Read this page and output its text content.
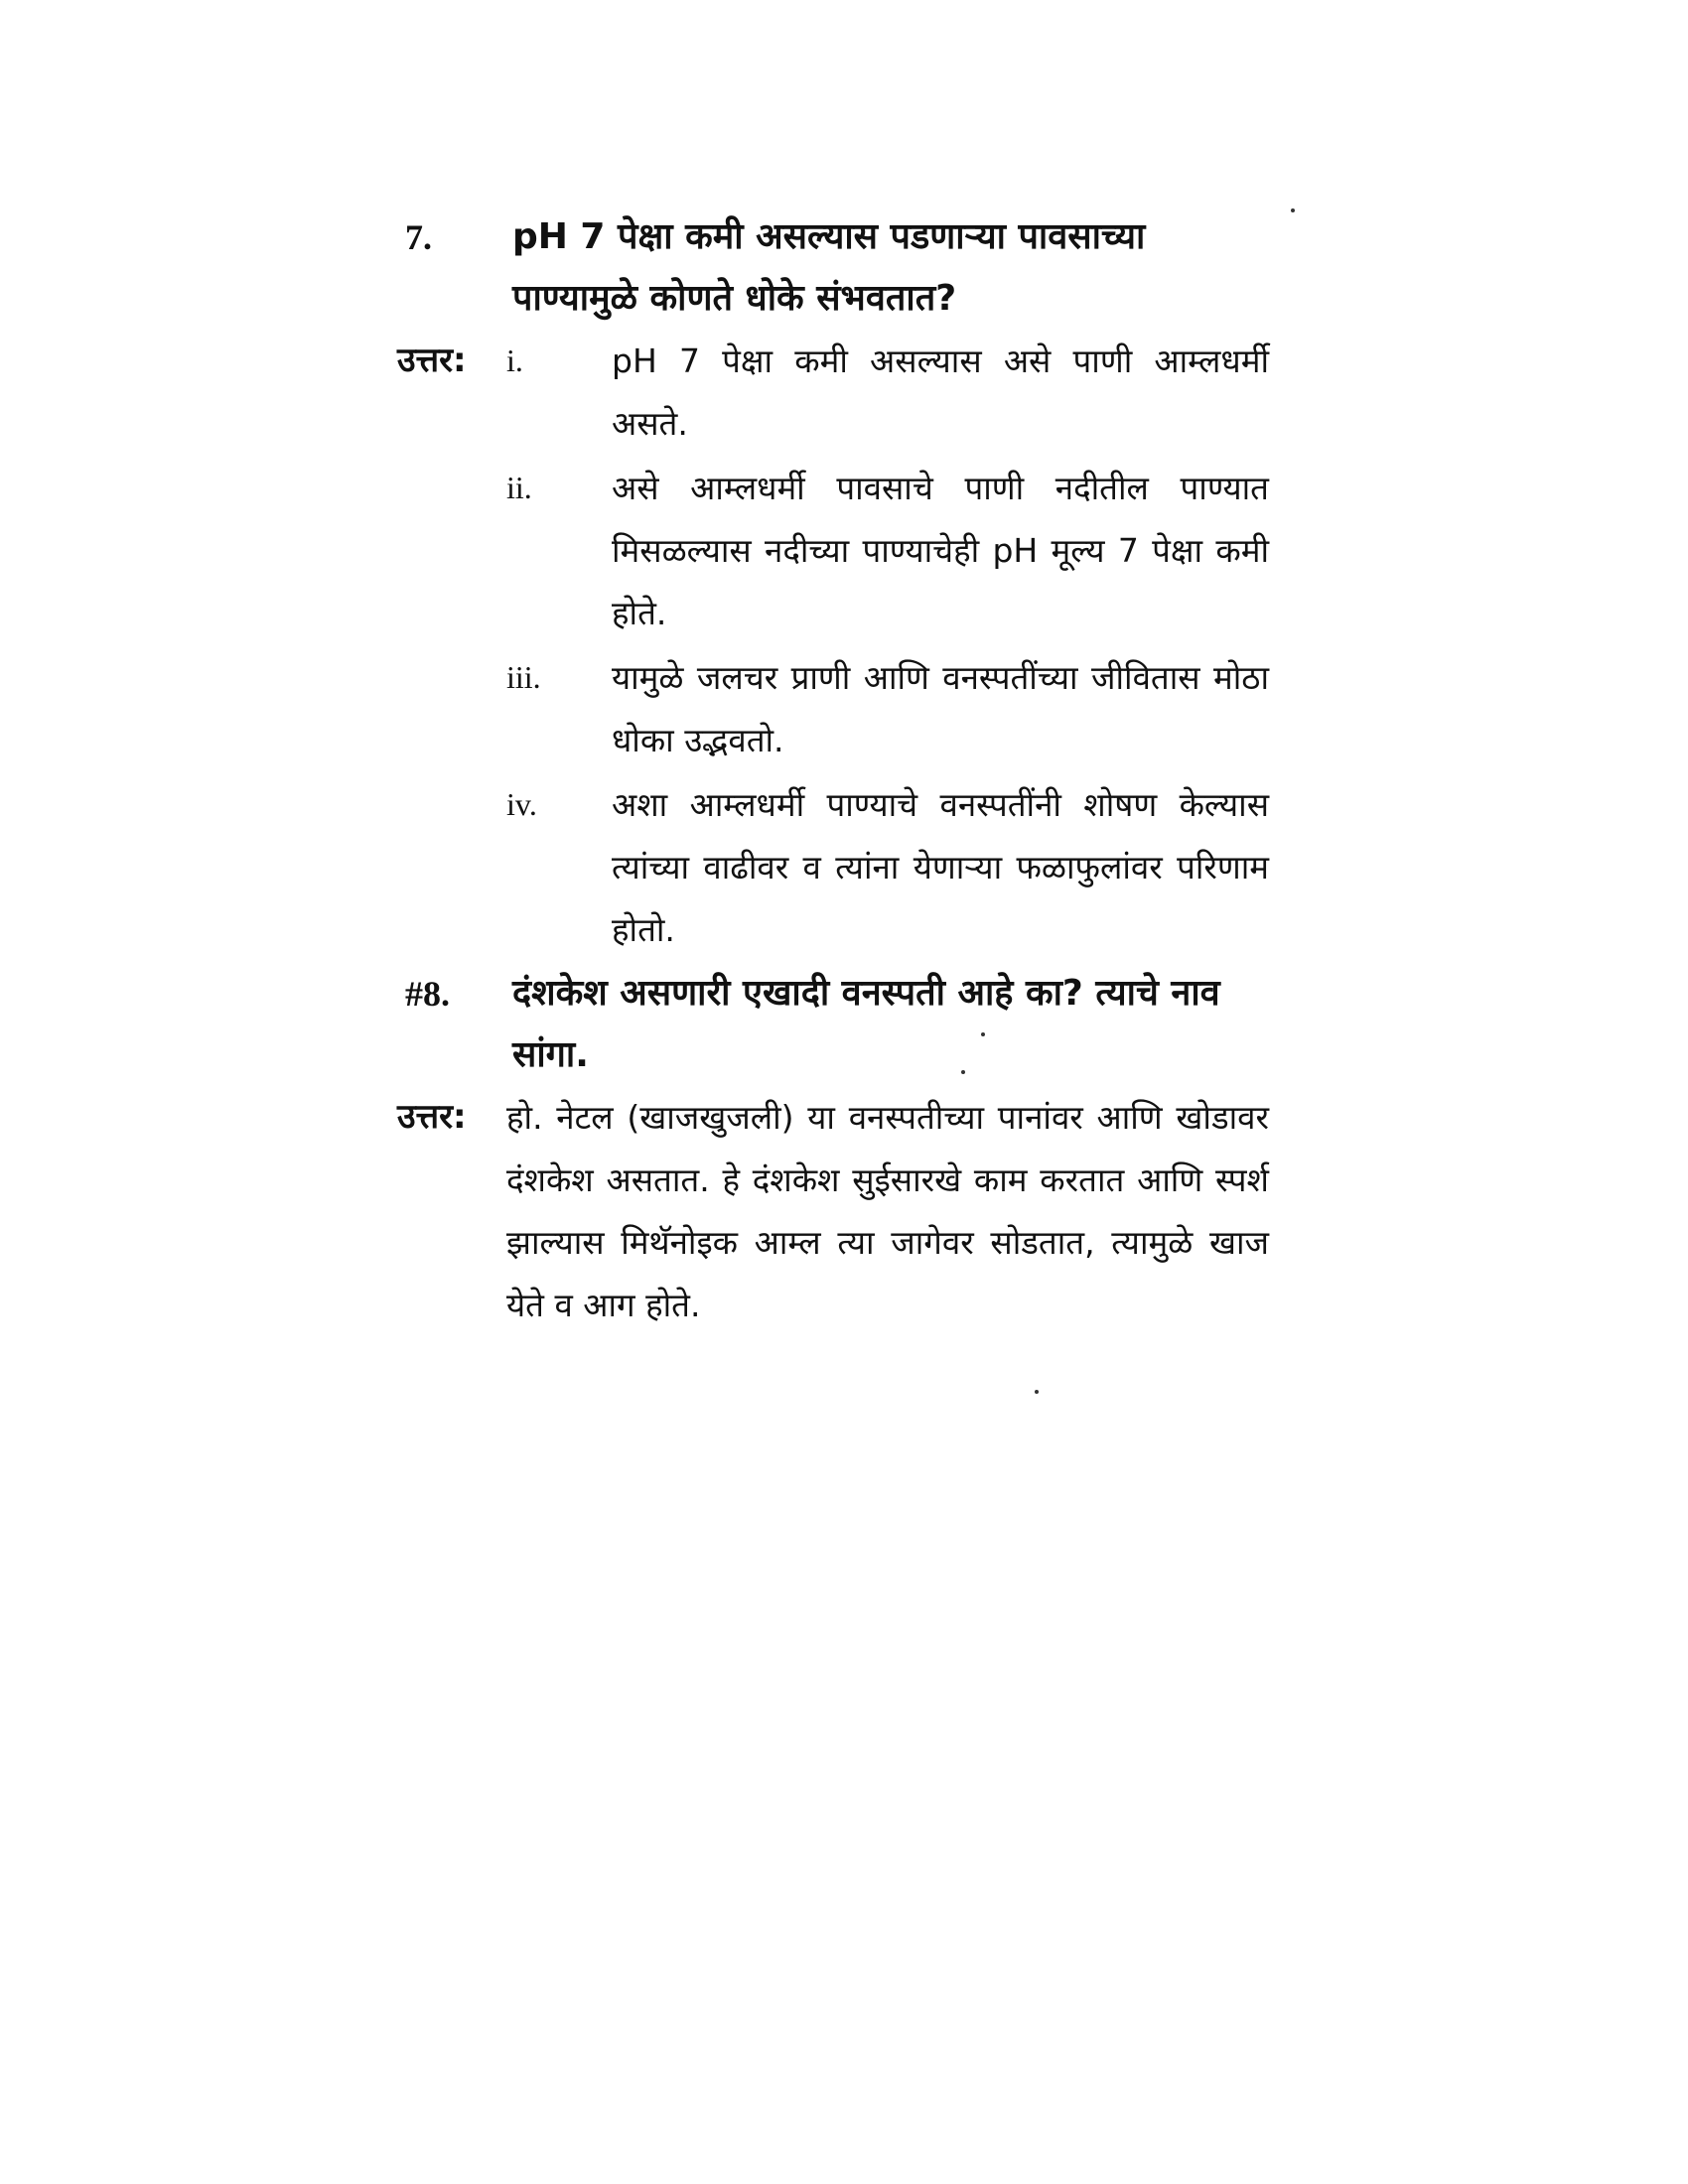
7.	pH 7 पेक्षा कमी असल्यास पडणाऱ्या पावसाच्या पाण्यामुळे कोणते धोके संभवतात?
उत्तर:	i.	pH 7 पेक्षा कमी असल्यास असे पाणी आम्लधर्मी असते.
ii.	असे आम्लधर्मी पावसाचे पाणी नदीतील पाण्यात मिसळल्यास नदीच्या पाण्याचेही pH मूल्य 7 पेक्षा कमी होते.
iii.	यामुळे जलचर प्राणी आणि वनस्पतींच्या जीवितास मोठा धोका उद्भवतो.
iv.	अशा आम्लधर्मी पाण्याचे वनस्पतींनी शोषण केल्यास त्यांच्या वाढीवर व त्यांना येणाऱ्या फळाफुलांवर परिणाम होतो.
#8.	दंशकेश असणारी एखादी वनस्पती आहे का? त्याचे नाव सांगा.
उत्तर:	हो. नेटल (खाजखुजली) या वनस्पतीच्या पानांवर आणि खोडावर दंशकेश असतात. हे दंशकेश सुईसारखे काम करतात आणि स्पर्श झाल्यास मिथॅनोइक आम्ल त्या जागेवर सोडतात, त्यामुळे खाज येते व आग होते.
